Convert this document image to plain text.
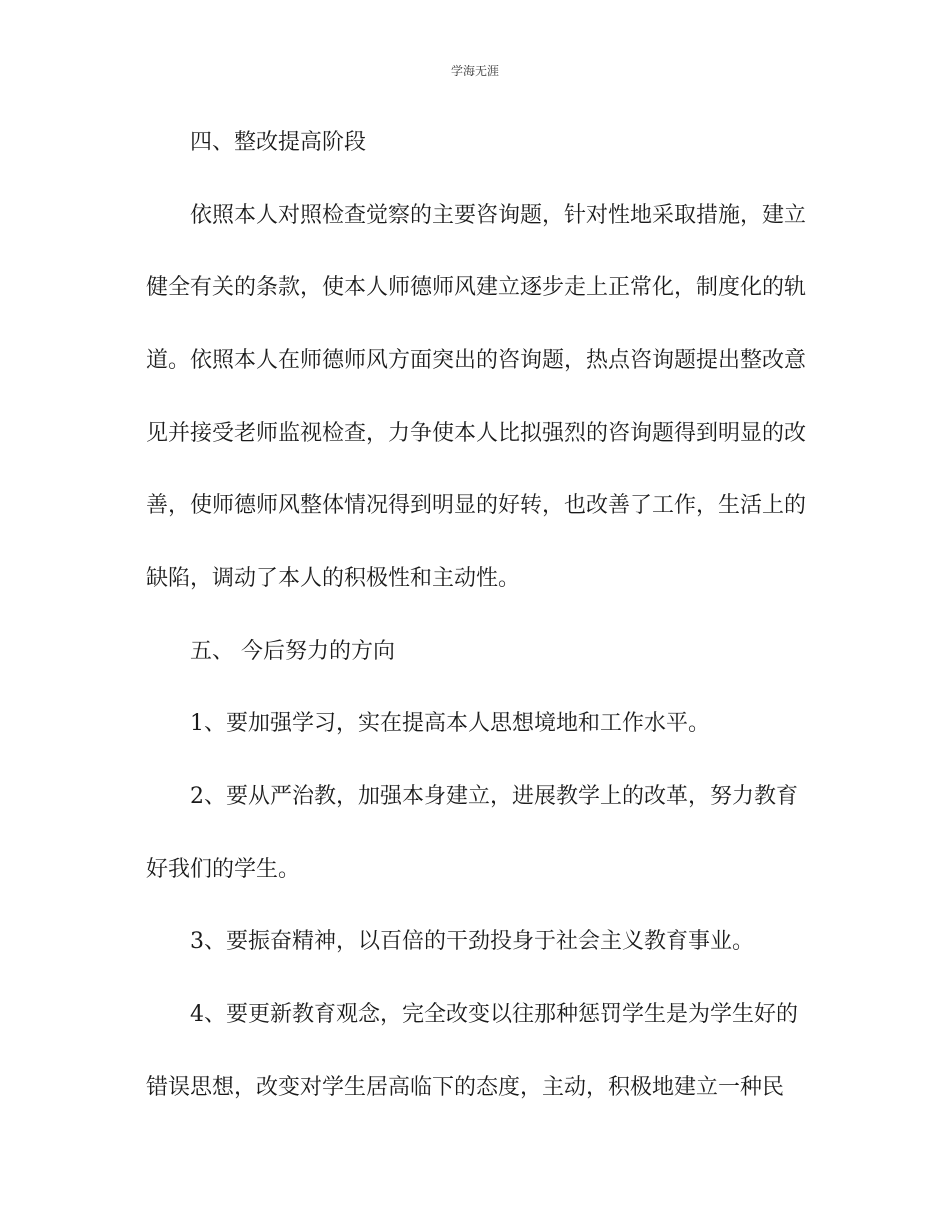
学海无涯
四、整改提高阶段
依照本人对照检查觉察的主要咨询题，针对性地采取措施，建立
健全有关的条款，使本人师德师风建立逐步走上正常化，制度化的轨
道。依照本人在师德师风方面突出的咨询题，热点咨询题提出整改意
见并接受老师监视检查，力争使本人比拟强烈的咨询题得到明显的改
善，使师德师风整体情况得到明显的好转，也改善了工作，生活上的
缺陷，调动了本人的积极性和主动性。
五、 今后努力的方向
1、要加强学习，实在提高本人思想境地和工作水平。
2、要从严治教，加强本身建立，进展教学上的改革，努力教育
好我们的学生。
3、要振奋精神，以百倍的干劲投身于社会主义教育事业。
4、要更新教育观念，完全改变以往那种惩罚学生是为学生好的
错误思想，改变对学生居高临下的态度，主动，积极地建立一种民
